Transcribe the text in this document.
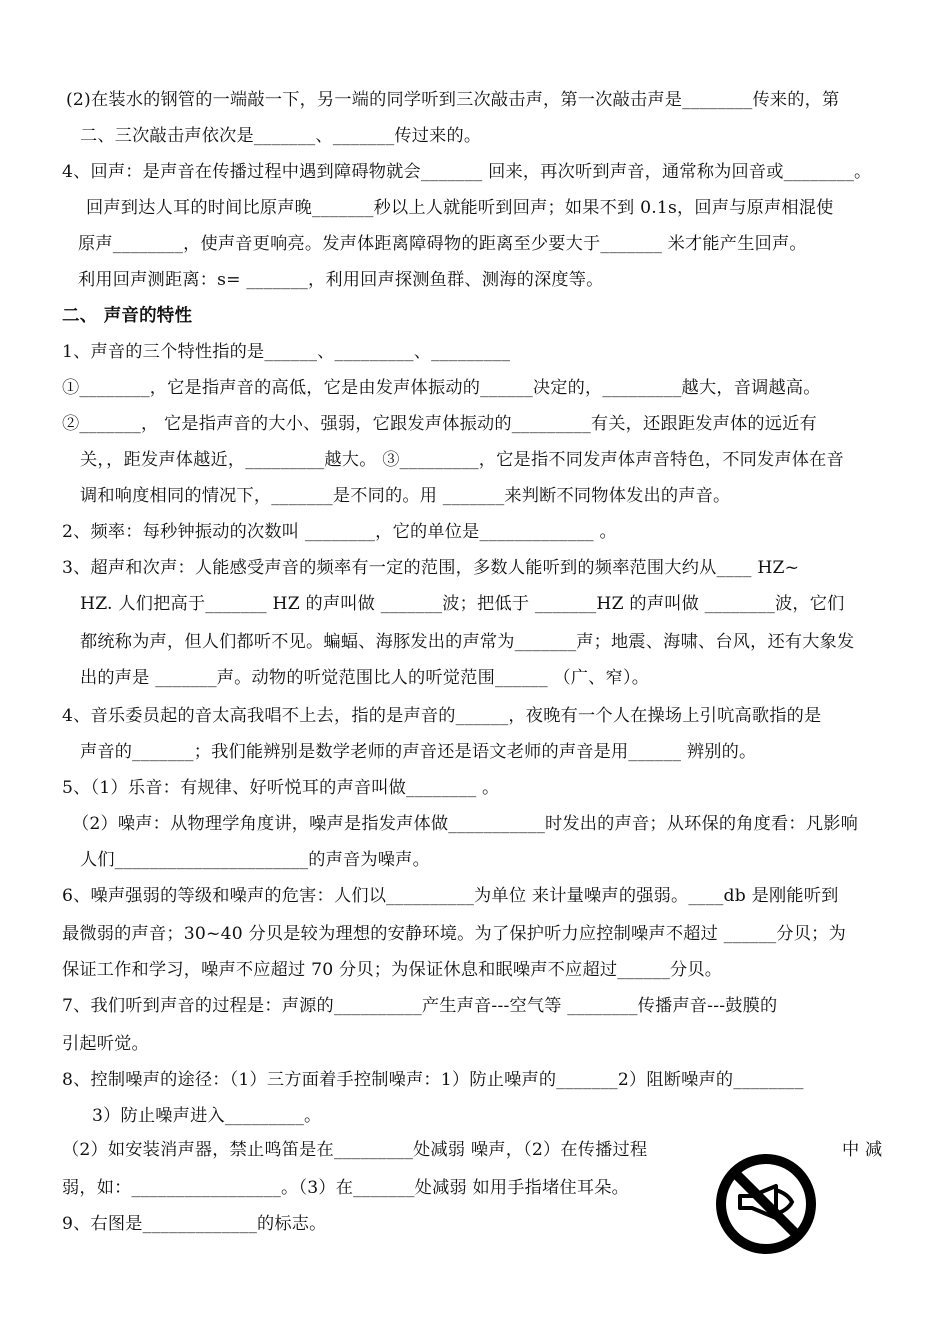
(2)在装水的钢管的一端敲一下，另一端的同学听到三次敲击声，第一次敲击声是________传来的，第
二、三次敲击声依次是_______、_______传过来的。
4、回声：是声音在传播过程中遇到障碍物就会_______ 回来，再次听到声音，通常称为回音或________。
回声到达人耳的时间比原声晚_______秒以上人就能听到回声；如果不到 0.1s，回声与原声相混使
原声________，使声音更响亮。发声体距离障碍物的距离至少要大于_______ 米才能产生回声。
利用回声测距离：s= _______，利用回声探测鱼群、测海的深度等。
二、 声音的特性
1、声音的三个特性指的是______、_________、_________
①________，它是指声音的高低，它是由发声体振动的______决定的，_________越大，音调越高。
②_______， 它是指声音的大小、强弱，它跟发声体振动的_________有关，还跟距发声体的远近有
关，，距发声体越近，_________越大。 ③_________，它是指不同发声体声音特色，不同发声体在音
调和响度相同的情况下，_______是不同的。用 _______来判断不同物体发出的声音。
2、频率：每秒钟振动的次数叫 ________，它的单位是_____________ 。
3、超声和次声：人能感受声音的频率有一定的范围，多数人能听到的频率范围大约从____ HZ~
HZ. 人们把高于_______ HZ 的声叫做 _______波；把低于 _______HZ 的声叫做 ________波，它们
都统称为声，但人们都听不见。蝙蝠、海豚发出的声常为_______声；地震、海啸、台风，还有大象发
出的声是 _______声。动物的听觉范围比人的听觉范围______ （广、窄）。
4、音乐委员起的音太高我唱不上去，指的是声音的______，夜晚有一个人在操场上引吭高歌指的是
声音的_______；我们能辨别是数学老师的声音还是语文老师的声音是用______ 辨别的。
5、（1）乐音：有规律、好听悦耳的声音叫做________ 。
（2）噪声：从物理学角度讲，噪声是指发声体做___________时发出的声音；从环保的角度看：凡影响
人们______________________的声音为噪声。
6、噪声强弱的等级和噪声的危害：人们以__________为单位 来计量噪声的强弱。____db 是刚能听到
最微弱的声音；30~40 分贝是较为理想的安静环境。为了保护听力应控制噪声不超过 ______分贝；为
保证工作和学习，噪声不应超过 70 分贝；为保证休息和眠噪声不应超过______分贝。
7、我们听到声音的过程是：声源的__________产生声音---空气等 ________传播声音---鼓膜的
引起听觉。
8、控制噪声的途径：（1）三方面着手控制噪声：1）防止噪声的_______2）阻断噪声的________
3）防止噪声进入_________。
（2）如安装消声器，禁止鸣笛是在_________处减弱 噪声，（2）在传播过程	中 减
弱，如：_________________。（3）在_______处减弱 如用手指堵住耳朵。
9、右图是_____________的标志。
